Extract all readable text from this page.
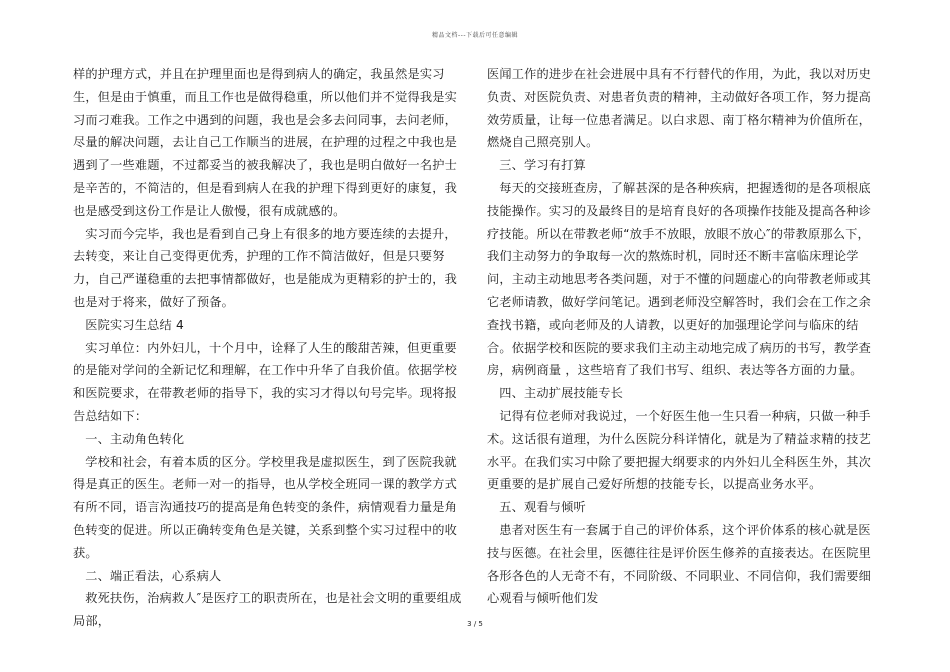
精品文档---下载后可任意编辑

样的护理方式，并且在护理里面也是得到病人的确定，我虽然是实习生，但是由于慎重，而且工作也是做得稳重，所以他们并不觉得我是实习而刁难我。工作之中遇到的问题，我也是会多去问同事，去问老师，尽量的解决问题，去让自己工作顺当的进展，在护理的过程之中我也是遇到了一些难题，不过都妥当的被我解决了，我也是明白做好一名护士是辛苦的，不简洁的，但是看到病人在我的护理下得到更好的康复，我也是感受到这份工作是让人傲慢，很有成就感的。

实习而今完毕，我也是看到自己身上有很多的地方要连续的去提升，去转变，来让自己变得更优秀，护理的工作不简洁做好，但是只要努力，自己严谨稳重的去把事情都做好，也是能成为更精彩的护士的，我也是对于将来，做好了预备。

医院实习生总结 4

实习单位：内外妇儿，十个月中，诠释了人生的酸甜苦辣，但更重要的是能对学问的全新记忆和理解，在工作中升华了自我价值。依据学校和医院要求，在带教老师的指导下，我的实习才得以句号完毕。现将报告总结如下：

一、主动角色转化

学校和社会，有着本质的区分。学校里我是虚拟医生，到了医院我就得是真正的医生。老师一对一的指导，也从学校全班同一课的教学方式有所不同，语言沟通技巧的提高是角色转变的条件，病情观看力量是角色转变的促进。所以正确转变角色是关键，关系到整个实习过程中的收获。

二、端正看法，心系病人

救死扶伤，治病救人″是医疗工的职责所在，也是社会文明的重要组成局部，

医闻工作的进步在社会进展中具有不行替代的作用，为此，我以对历史负责、对医院负责、对患者负责的精神，主动做好各项工作，努力提高效劳质量，让每一位患者满足。以白求恩、南丁格尔精神为价值所在，燃烧自己照亮别人。

三、学习有打算

每天的交接班查房，了解甚深的是各种疾病，把握透彻的是各项根底技能操作。实习的及最终目的是培育良好的各项操作技能及提高各种诊疗技能。所以在带教老师“放手不放眼，放眼不放心″的带教原那么下，我们主动努力的争取每一次的熬炼时机，同时还不断丰富临床理论学问，主动主动地思考各类问题，对于不懂的问题虚心的向带教老师或其它老师请教，做好学问笔记。遇到老师没空解答时，我们会在工作之余查找书籍，或向老师及的人请教，以更好的加强理论学问与临床的结合。依据学校和医院的要求我们主动主动地完成了病历的书写，教学查房，病例商量 ，这些培育了我们书写、组织、表达等各方面的力量。

四、主动扩展技能专长

记得有位老师对我说过，一个好医生他一生只看一种病，只做一种手术。这话很有道理，为什么医院分科详情化，就是为了精益求精的技艺水平。在我们实习中除了要把握大纲要求的内外妇儿全科医生外，其次更重要的是扩展自己爱好所想的技能专长，以提高业务水平。

五、观看与倾听

患者对医生有一套属于自己的评价体系，这个评价体系的核心就是医技与医德。在社会里，医德往往是评价医生修养的直接表达。在医院里各形各色的人无奇不有，不同阶级、不同职业、不同信仰，我们需要细心观看与倾听他们发

3 / 5
